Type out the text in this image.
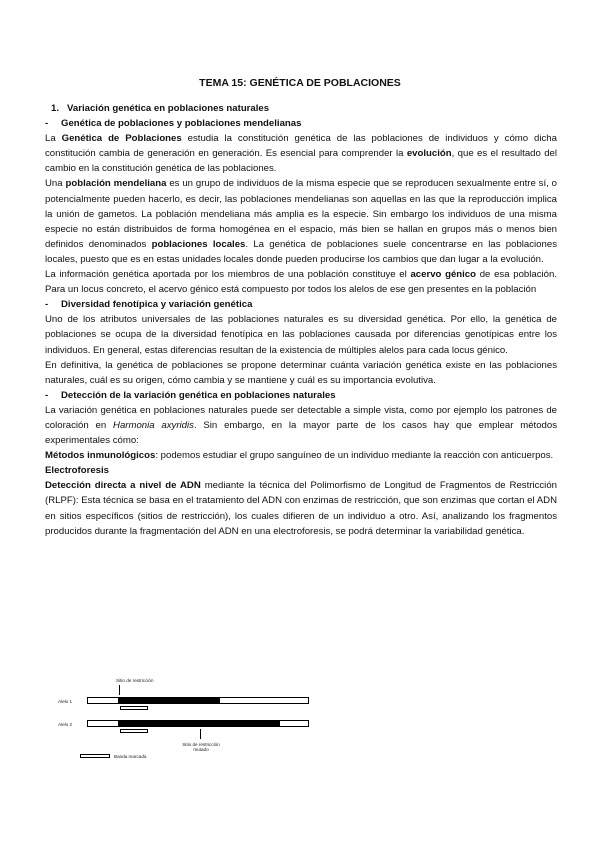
TEMA 15: GENÉTICA DE POBLACIONES

1. Variación genética en poblaciones naturales

- Genética de poblaciones y poblaciones mendelianas

La Genética de Poblaciones estudia la constitución genética de las poblaciones de individuos y cómo dicha constitución cambia de generación en generación. Es esencial para comprender la evolución, que es el resultado del cambio en la constitución genética de las poblaciones.

Una población mendeliana es un grupo de individuos de la misma especie que se reproducen sexualmente entre sí, o potencialmente pueden hacerlo, es decir, las poblaciones mendelianas son aquellas en las que la reproducción implica la unión de gametos. La población mendeliana más amplia es la especie. Sin embargo los individuos de una misma especie no están distribuidos de forma homogénea en el espacio, más bien se hallan en grupos más o menos bien definidos denominados poblaciones locales. La genética de poblaciones suele concentrarse en las poblaciones locales, puesto que es en estas unidades locales donde pueden producirse los cambios que dan lugar a la evolución.

La información genética aportada por los miembros de una población constituye el acervo génico de esa población. Para un locus concreto, el acervo génico está compuesto por todos los alelos de ese gen presentes en la población

- Diversidad fenotípica y variación genética

Uno de los atributos universales de las poblaciones naturales es su diversidad genética. Por ello, la genética de poblaciones se ocupa de la diversidad fenotípica en las poblaciones causada por diferencias genotípicas entre los individuos. En general, estas diferencias resultan de la existencia de múltiples alelos para cada locus génico.

En definitiva, la genética de poblaciones se propone determinar cuánta variación genética existe en las poblaciones naturales, cuál es su origen, cómo cambia y se mantiene y cuál es su importancia evolutiva.

- Detección de la variación genética en poblaciones naturales

La variación genética en poblaciones naturales puede ser detectable a simple vista, como por ejemplo los patrones de coloración en Harmonia axyridis. Sin embargo, en la mayor parte de los casos hay que emplear métodos experimentales cómo:

Métodos inmunológicos: podemos estudiar el grupo sanguíneo de un individuo mediante la reacción con anticuerpos.

Electroforesis

Detección directa a nivel de ADN mediante la técnica del Polimorfismo de Longitud de Fragmentos de Restricción (RLPF): Esta técnica se basa en el tratamiento del ADN con enzimas de restricción, que son enzimas que cortan el ADN en sitios específicos (sitios de restricción), los cuales difieren de un individuo a otro. Así, analizando los fragmentos producidos durante la fragmentación del ADN en una electroforesis, se podrá determinar la variabilidad genética.

Sitio de restricción
Alelo 1
Alelo 2
Sitio de restricción
mutado
Banda marcada
